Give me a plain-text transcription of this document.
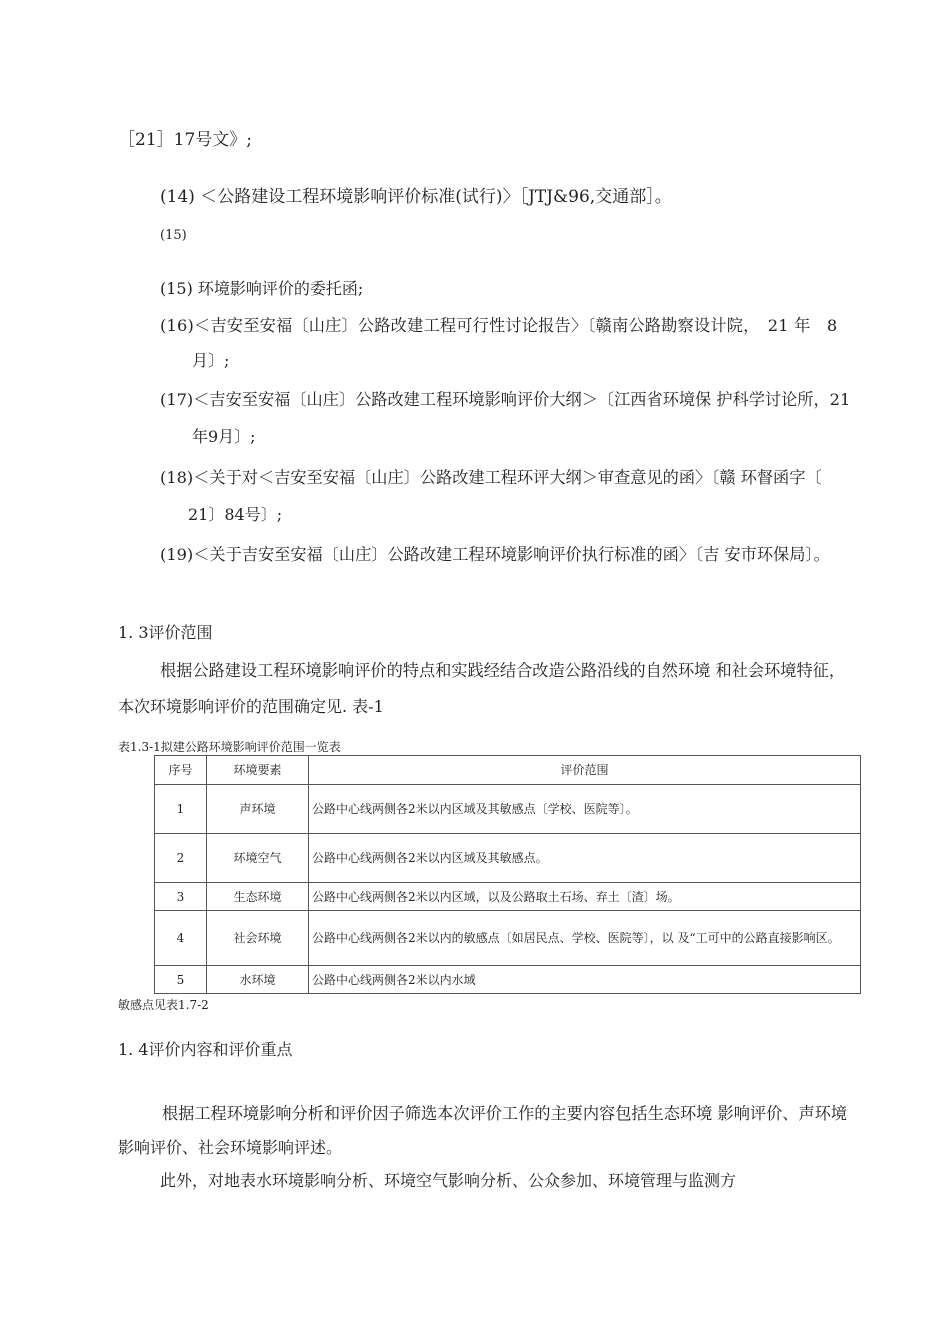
［21］17号文》;
(14) ＜公路建设工程环境影响评价标准(试行)〉［JTJ&96,交通部］。
(15)
(15) 环境影响评价的委托函;
(16)＜吉安至安福〔山庄〕公路改建工程可行性讨论报告〉〔赣南公路勘察设计院，　21 年　8
月〕;
(17)＜吉安至安福〔山庄〕公路改建工程环境影响评价大纲＞〔江西省环境保 护科学讨论所，21
年9月〕;
(18)＜关于对＜吉安至安福〔山庄〕公路改建工程环评大纲＞审查意见的函〉〔赣 环督函字〔
21〕84号〕;
(19)＜关于吉安至安福〔山庄〕公路改建工程环境影响评价执行标准的函〉〔吉 安市环保局〕。
1. 3评价范围
根据公路建设工程环境影响评价的特点和实践经结合改造公路沿线的自然环境 和社会环境特征，
本次环境影响评价的范围确定见. 表-1
表1.3-1拟建公路环境影响评价范围一览表
序号	环境要素	评价范围
1	声环境	公路中心线两侧各2米以内区域及其敏感点〔学校、医院等〕。
2	环境空气	公路中心线两侧各2米以内区域及其敏感点。
3	生态环境	公路中心线两侧各2米以内区域，以及公路取土石场、弃土〔渣〕场。
4	社会环境	公路中心线两侧各2米以内的敏感点〔如居民点、学校、医院等〕，以 及“工可中的公路直接影响区。
5	水环境	公路中心线两侧各2米以内水域
敏感点见表1.7-2
1. 4评价内容和评价重点
根据工程环境影响分析和评价因子筛选本次评价工作的主要内容包括生态环境 影响评价、声环境
影响评价、社会环境影响评述。
此外，对地表水环境影响分析、环境空气影响分析、公众参加、环境管理与监测方
